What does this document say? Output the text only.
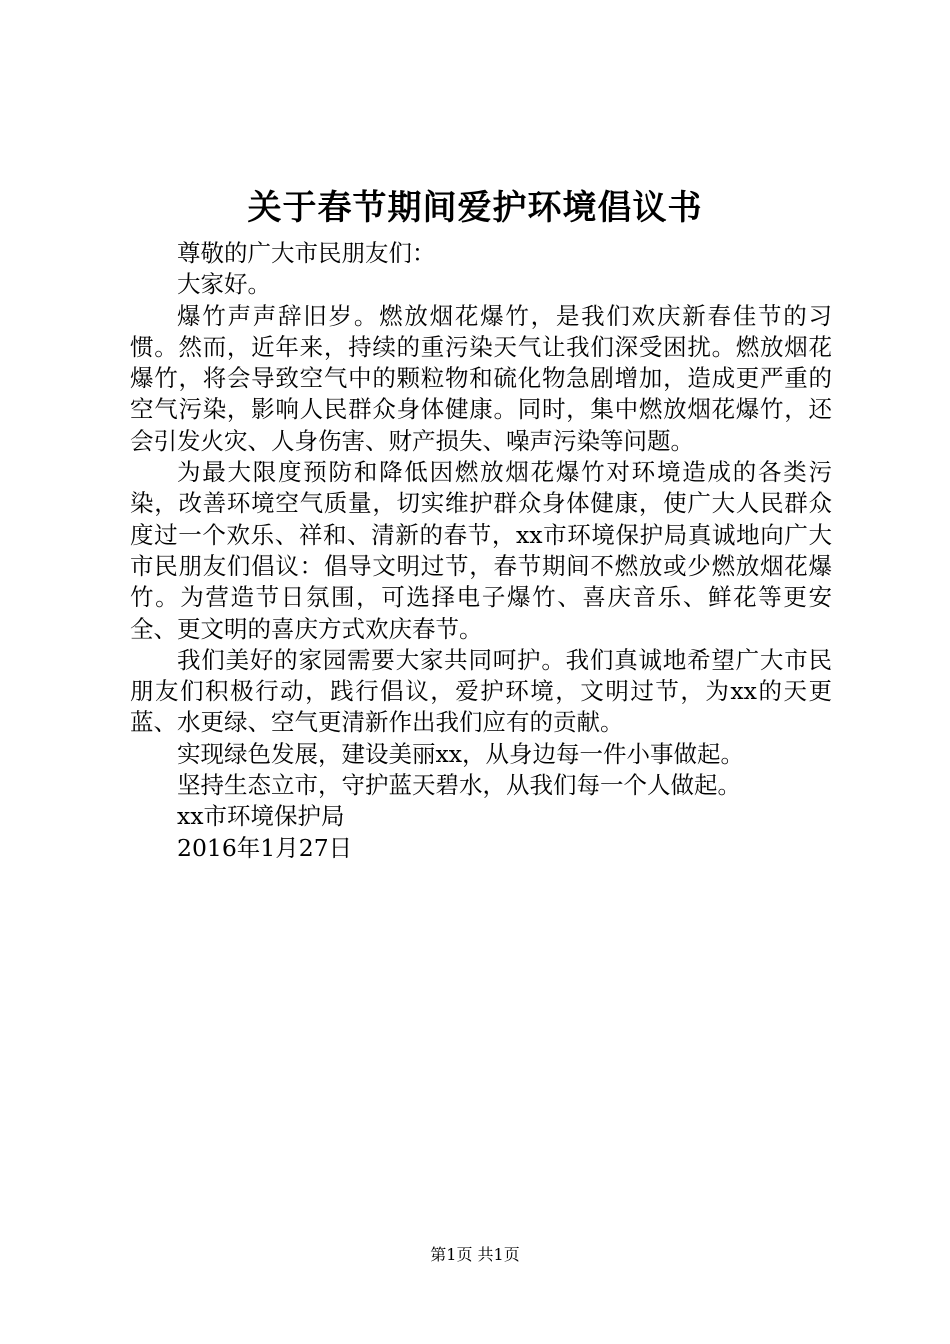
关于春节期间爱护环境倡议书

尊敬的广大市民朋友们：

大家好。

爆竹声声辞旧岁。燃放烟花爆竹，是我们欢庆新春佳节的习惯。然而，近年来，持续的重污染天气让我们深受困扰。燃放烟花爆竹，将会导致空气中的颗粒物和硫化物急剧增加，造成更严重的空气污染，影响人民群众身体健康。同时，集中燃放烟花爆竹，还会引发火灾、人身伤害、财产损失、噪声污染等问题。

为最大限度预防和降低因燃放烟花爆竹对环境造成的各类污染，改善环境空气质量，切实维护群众身体健康，使广大人民群众度过一个欢乐、祥和、清新的春节，xx市环境保护局真诚地向广大市民朋友们倡议：倡导文明过节，春节期间不燃放或少燃放烟花爆竹。为营造节日氛围，可选择电子爆竹、喜庆音乐、鲜花等更安全、更文明的喜庆方式欢庆春节。

我们美好的家园需要大家共同呵护。我们真诚地希望广大市民朋友们积极行动，践行倡议，爱护环境，文明过节，为xx的天更蓝、水更绿、空气更清新作出我们应有的贡献。

实现绿色发展，建设美丽xx，从身边每一件小事做起。

坚持生态立市，守护蓝天碧水，从我们每一个人做起。

xx市环境保护局

2016年1月27日

第1页 共1页
